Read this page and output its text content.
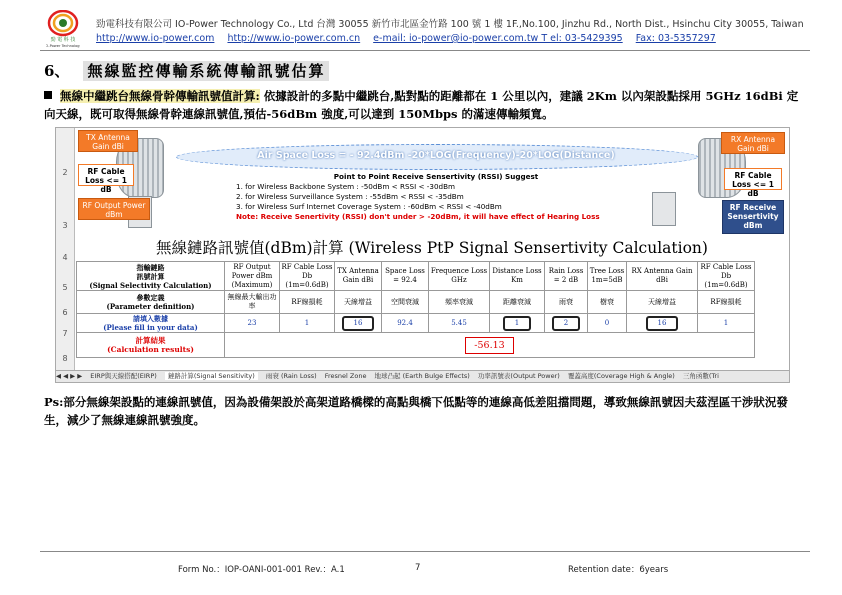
勁 電 科 技
IO-Power Technology
勁電科技有限公司 IO-Power Technology Co., Ltd 台灣 30055 新竹市北區金竹路 100 號 1 樓 1F.,No.100, Jinzhu Rd., North Dist., Hsinchu City 30055, Taiwan
http://www.io-power.com http://www.io-power.com.cn e-mail: io-power@io-power.com.tw T el: 03-5429395 Fax: 03-5357297
6、 無線監控傳輸系統傳輸訊號估算
無線中繼跳台無線骨幹傳輸訊號值計算: 依據設計的多點中繼跳台,點對點的距離都在 1 公里以內，建議 2Km 以內架設點採用 5GHz 16dBi 定向天線，既可取得無線骨幹連線訊號值,預估-56dBm 強度,可以達到 150Mbps 的滿速傳輸頻寬。
2
3
4
5
6
7
8
Air Space Loss = - 92.4dBm -20*LOG(Frequency)-20*LOG(Distance)
TX Antenna Gain dBi
RF Cable Loss <= 1 dB
RF Output Power dBm
RX Antenna Gain dBi
RF Cable Loss <= 1 dB
RF Receive Sensertivity dBm
Point to Point Receive Sensertivity (RSSI) Suggest
1. for Wireless Backbone System : -50dBm < RSSI < -30dBm
2. for Wireless Surveillance System : -55dBm < RSSI < -35dBm
3. for Wireless Surf Internet Coverage System : -60dBm < RSSI < -40dBm
Note: Receive Senertivity (RSSI) don't under > -20dBm, it will have effect of Hearing Loss
無線鏈路訊號值(dBm)計算 (Wireless PtP Signal Sensertivity Calculation)
指輸鏈路
訊號計算
(Signal Selectivity Calculation)	RF Output Power dBm (Maximum)	RF Cable Loss Db (1m=0.6dB)	TX Antenna Gain dBi	Space Loss = 92.4	Frequence Loss GHz	Distance Loss Km	Rain Loss = 2 dB	Tree Loss 1m=5dB	RX Antenna Gain dBi	RF Cable Loss Db (1m=0.6dB)

參數定義
(Parameter definition)	無線最大輸出功率	RF線損耗	天線增益	空間衰減	頻率衰減	距離衰減	雨衰	樹衰	天線增益	RF線損耗

請填入數據
(Please fill in your data)	23	1	16	92.4	5.45	1	2	0	16	1

計算結果
(Calculation results)	-56.13									
◀ ◀ ▶ ▶ EIRP與天線搭配(EIRP) 鏈路計算(Signal Sensitivity) 雨衰 (Rain Loss) Fresnel Zone 地球凸起 (Earth Bulge Effects) 功率訊號表(Output Power) 覆蓋高度(Coverage High & Angle) 三角函數(Tri
Ps:部分無線架設點的連線訊號值，因為設備架設於高架道路橋樑的高點與橋下低點等的連線高低差阻擋問題，導致無線訊號因夫茲涅區干涉狀況發生，減少了無線連線訊號強度。
Form No.：IOP-OANI-001-001 Rev.：A.1	7	Retention date：6years
